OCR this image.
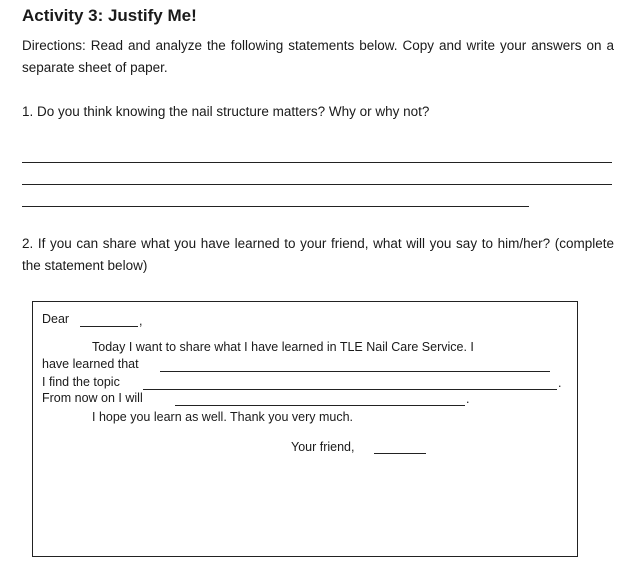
Activity 3: Justify Me!
Directions: Read and analyze the following statements below. Copy and write your answers on a separate sheet of paper.
1. Do you think knowing the nail structure matters? Why or why not?
2. If you can share what you have learned to your friend, what will you say to him/her? (complete the statement below)
Dear	,
Today I want to share what I have learned in TLE Nail Care Service. I
have learned that
I find the topic	.
From now on I will	.
I hope you learn as well. Thank you very much.
Your friend,
